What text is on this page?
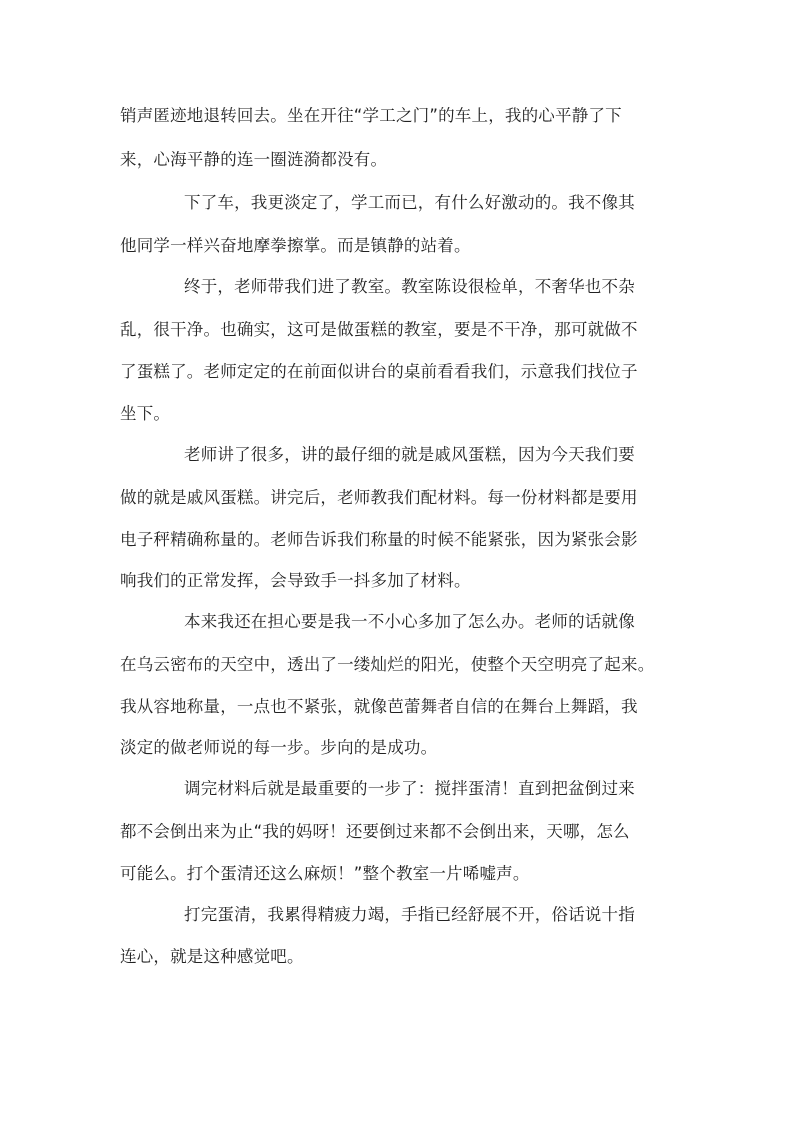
销声匿迹地退转回去。坐在开往“学工之门”的车上，我的心平静了下
来，心海平静的连一圈涟漪都没有。
下了车，我更淡定了，学工而已，有什么好激动的。我不像其
他同学一样兴奋地摩拳擦掌。而是镇静的站着。
终于，老师带我们进了教室。教室陈设很检单，不奢华也不杂
乱，很干净。也确实，这可是做蛋糕的教室，要是不干净，那可就做不
了蛋糕了。老师定定的在前面似讲台的桌前看看我们，示意我们找位子
坐下。
老师讲了很多，讲的最仔细的就是戚风蛋糕，因为今天我们要
做的就是戚风蛋糕。讲完后，老师教我们配材料。每一份材料都是要用
电子秤精确称量的。老师告诉我们称量的时候不能紧张，因为紧张会影
响我们的正常发挥，会导致手一抖多加了材料。
本来我还在担心要是我一不小心多加了怎么办。老师的话就像
在乌云密布的天空中，透出了一缕灿烂的阳光，使整个天空明亮了起来。
我从容地称量，一点也不紧张，就像芭蕾舞者自信的在舞台上舞蹈，我
淡定的做老师说的每一步。步向的是成功。
调完材料后就是最重要的一步了：搅拌蛋清！直到把盆倒过来
都不会倒出来为止“我的妈呀！还要倒过来都不会倒出来，天哪，怎么
可能么。打个蛋清还这么麻烦！”整个教室一片唏嘘声。
打完蛋清，我累得精疲力竭，手指已经舒展不开，俗话说十指
连心，就是这种感觉吧。
